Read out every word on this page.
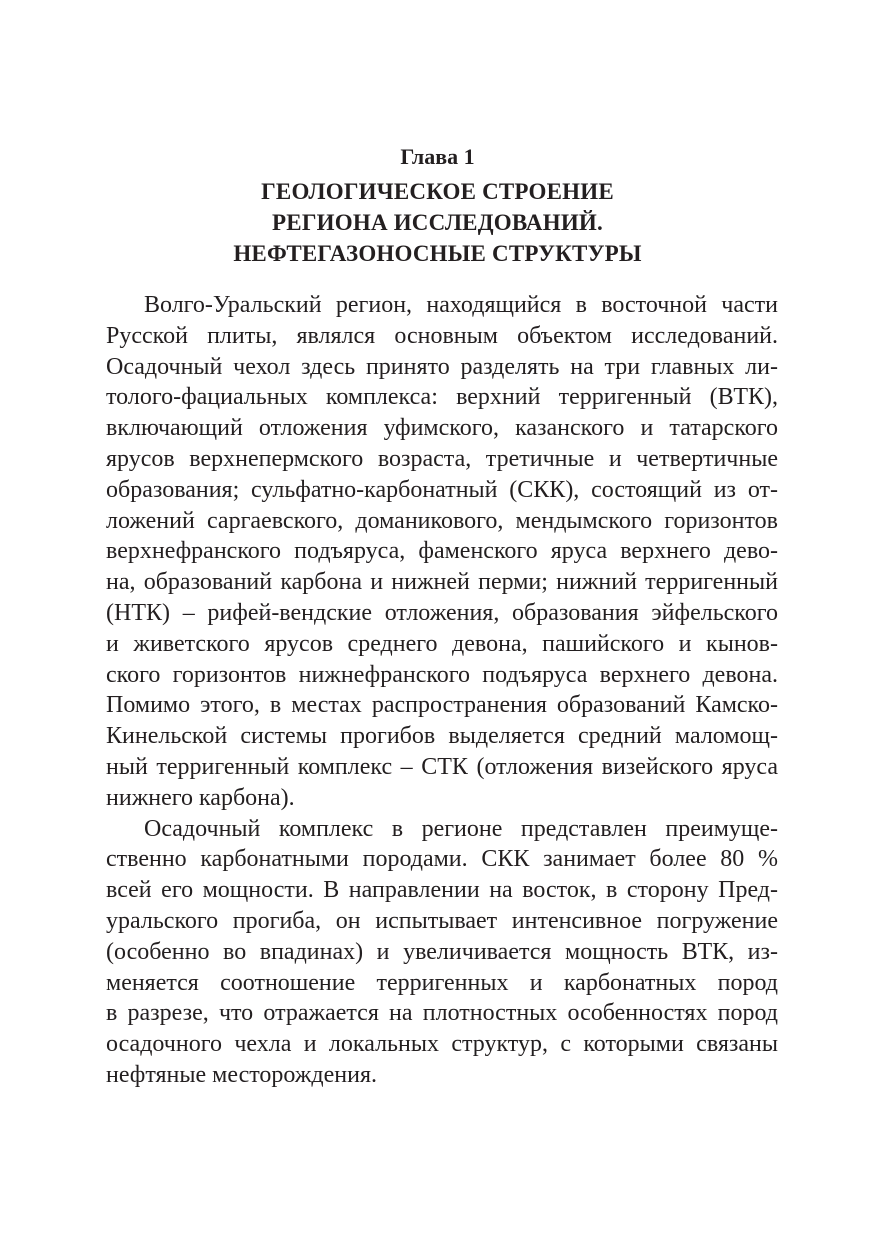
Глава 1
ГЕОЛОГИЧЕСКОЕ СТРОЕНИЕ
РЕГИОНА ИССЛЕДОВАНИЙ.
НЕФТЕГАЗОНОСНЫЕ СТРУКТУРЫ
Волго-Уральский регион, находящийся в восточной части
Русской плиты, являлся основным объектом исследований.
Осадочный чехол здесь принято разделять на три главных ли-
толого-фациальных комплекса: верхний терригенный (ВТК),
включающий отложения уфимского, казанского и татарского
ярусов верхнепермского возраста, третичные и четвертичные
образования; сульфатно-карбонатный (СКК), состоящий из от-
ложений саргаевского, доманикового, мендымского горизонтов
верхнефранского подъяруса, фаменского яруса верхнего дево-
на, образований карбона и нижней перми; нижний терригенный
(НТК) – рифей-вендские отложения, образования эйфельского
и живетского ярусов среднего девона, пашийского и кынов-
ского горизонтов нижнефранского подъяруса верхнего девона.
Помимо этого, в местах распространения образований Камско-
Кинельской системы прогибов выделяется средний маломощ-
ный терригенный комплекс – СТК (отложения визейского яруса
нижнего карбона).
Осадочный комплекс в регионе представлен преимуще-
ственно карбонатными породами. СКК занимает более 80 %
всей его мощности. В направлении на восток, в сторону Пред-
уральского прогиба, он испытывает интенсивное погружение
(особенно во впадинах) и увеличивается мощность ВТК, из-
меняется соотношение терригенных и карбонатных пород
в разрезе, что отражается на плотностных особенностях пород
осадочного чехла и локальных структур, с которыми связаны
нефтяные месторождения.
